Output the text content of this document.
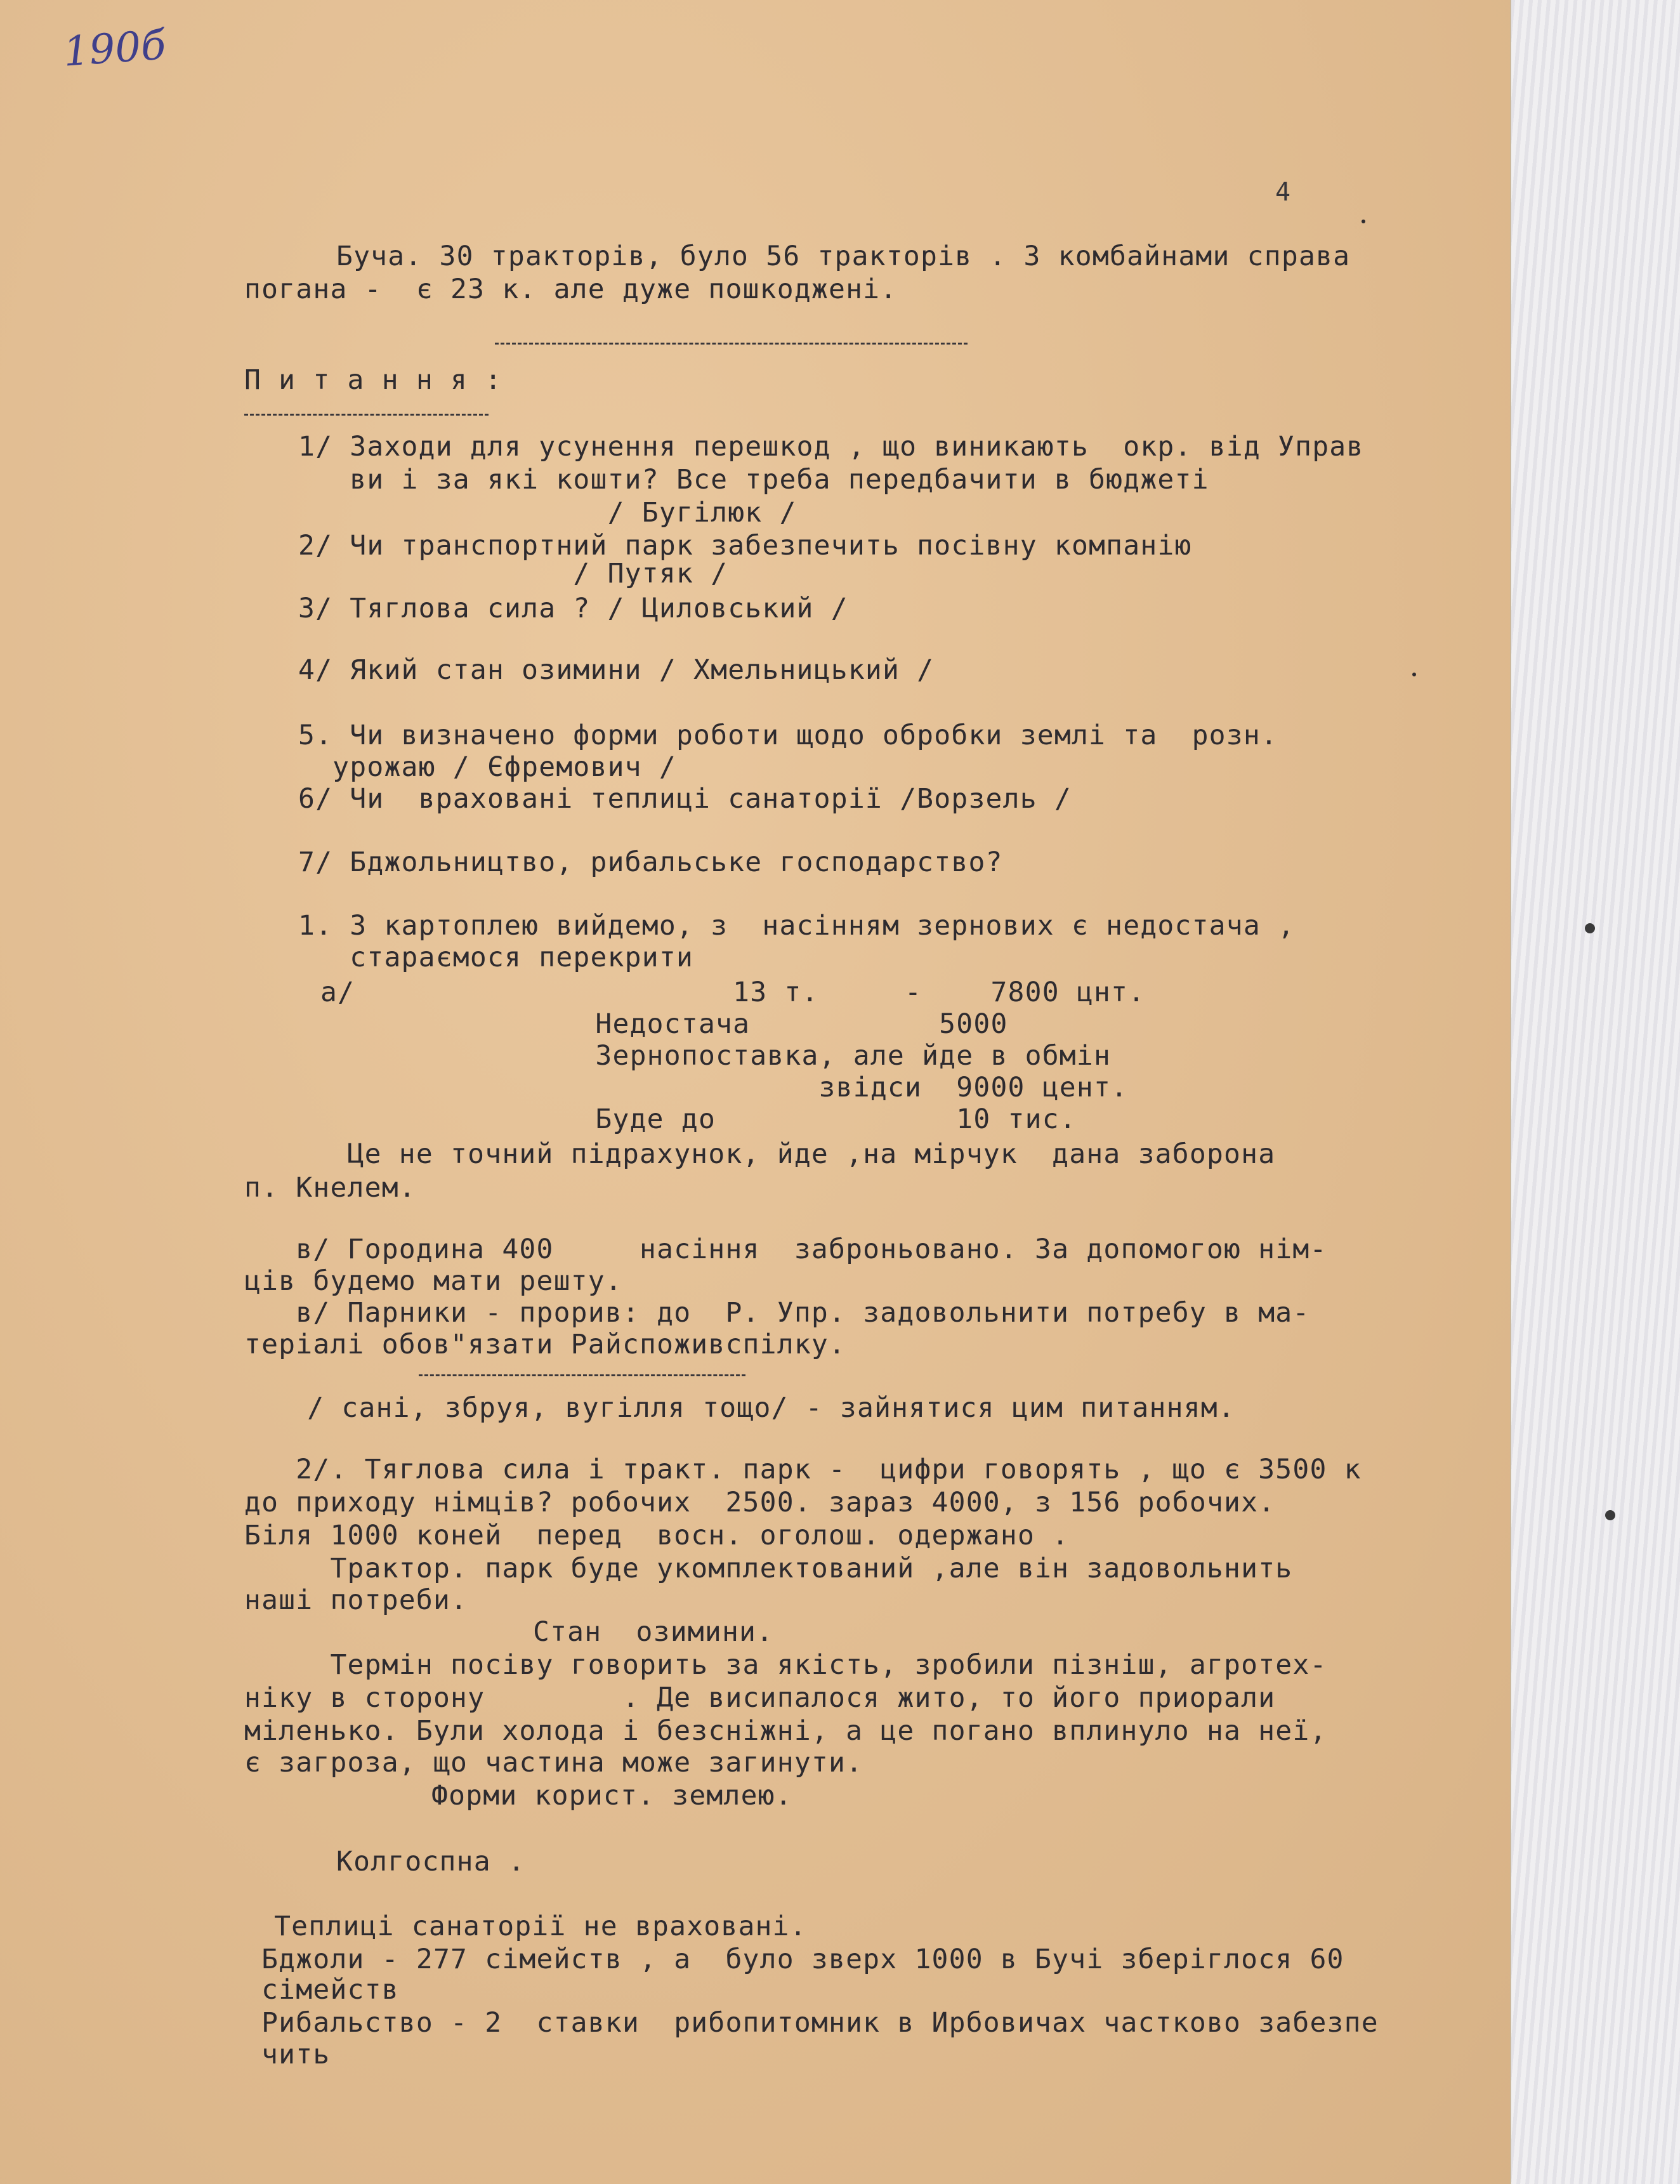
190б
4
Буча. 30 тракторів, було 56 тракторів . З комбайнами справа
погана -  є 23 к. але дуже пошкоджені.
П и т а н н я :
1/ Заходи для усунення перешкод , що виникають  окр. від Управ
ви і за які кошти? Все треба передбачити в бюджеті
/ Бугілюк /
2/ Чи транспортний парк забезпечить посівну компанію
/ Путяк /
3/ Тяглова сила ? / Циловський /
4/ Який стан озимини / Хмельницький /
5. Чи визначено форми роботи щодо обробки землі та  розн.
урожаю / Єфремович /
6/ Чи  враховані теплиці санаторії /Ворзель /
7/ Бджольництво, рибальське господарство?
1. З картоплею вийдемо, з  насінням зернових є недостача ,
стараємося перекрити
а/                      13 т.     -    7800 цнт.
Недостача           5000
Зернопоставка, але йде в обмін
звідси  9000 цент.
Буде до              10 тис.
Це не точний підрахунок, йде ,на мірчук  дана заборона
п. Кнелем.
в/ Городина 400     насіння  заброньовано. За допомогою нім-
ців будемо мати решту.
в/ Парники - прорив: до  Р. Упр. задовольнити потребу в ма-
теріалі обов"язати Райспоживспілку.
/ сані, збруя, вугілля тощо/ - зайнятися цим питанням.
2/. Тяглова сила і тракт. парк -  цифри говорять , що є 3500 к
до приходу німців? робочих  2500. зараз 4000, з 156 робочих.
Біля 1000 коней  перед  восн. оголош. одержано .
Трактор. парк буде укомплектований ,але він задовольнить
наші потреби.
Стан  озимини.
Термін посіву говорить за якість, зробили пізніш, агротех-
ніку в сторону        . Де висипалося жито, то його приорали
міленько. Були холода і безсніжні, а це погано вплинуло на неї,
є загроза, що частина може загинути.
Форми корист. землею.
Колгоспна .
Теплиці санаторії не враховані.
Бджоли - 277 сімейств , а  було зверх 1000 в Бучі зберіглося 60
сімейств
Рибальство - 2  ставки  рибопитомник в Ирбовичах частково забезпе
чить
